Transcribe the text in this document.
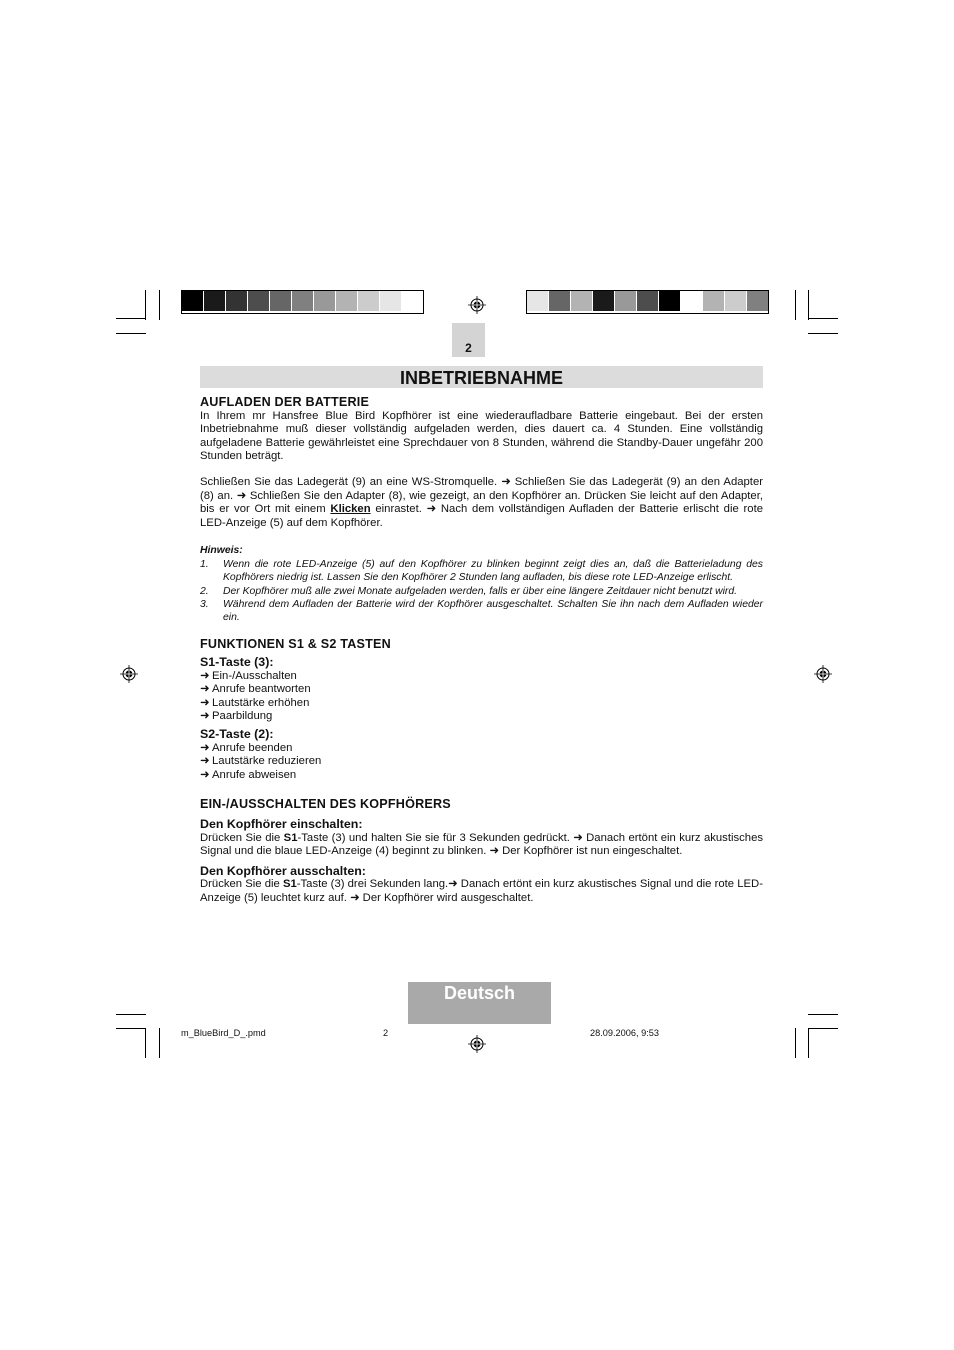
2
INBETRIEBNAHME

AUFLADEN DER BATTERIE

In Ihrem mr Hansfree Blue Bird Kopfhörer ist eine wiederaufladbare Batterie eingebaut. Bei der ersten Inbetriebnahme muß dieser vollständig aufgeladen werden, dies dauert ca. 4 Stunden. Eine vollständig aufgeladene Batterie gewährleistet eine Sprechdauer von 8 Stunden, während die Standby-Dauer ungefähr 200 Stunden beträgt.

Schließen Sie das Ladegerät (9) an eine WS-Stromquelle. ➜ Schließen Sie das Ladegerät (9) an den Adapter (8) an. ➜ Schließen Sie den Adapter (8), wie gezeigt, an den Kopfhörer an. Drücken Sie leicht auf den Adapter, bis er vor Ort mit einem Klicken einrastet. ➜ Nach dem vollständigen Aufladen der Batterie erlischt die rote LED-Anzeige (5) auf dem Kopfhörer.

Hinweis:

1.	Wenn die rote LED-Anzeige (5) auf den Kopfhörer zu blinken beginnt zeigt dies an, daß die Batterieladung des Kopfhörers niedrig ist. Lassen Sie den Kopfhörer 2 Stunden lang aufladen, bis diese rote LED-Anzeige erlischt.
2.	Der Kopfhörer muß alle zwei Monate aufgeladen werden, falls er über eine längere Zeitdauer nicht benutzt wird.
3.	Während dem Aufladen der Batterie wird der Kopfhörer ausgeschaltet. Schalten Sie ihn nach dem Aufladen wieder ein.

FUNKTIONEN S1 & S2 TASTEN

S1-Taste (3):

➜ Ein-/Ausschalten
➜ Anrufe beantworten
➜ Lautstärke erhöhen
➜ Paarbildung

S2-Taste (2):

➜ Anrufe beenden
➜ Lautstärke reduzieren
➜ Anrufe abweisen

EIN-/AUSSCHALTEN DES KOPFHÖRERS

Den Kopfhörer einschalten:

Drücken Sie die S1-Taste (3) und halten Sie sie für 3 Sekunden gedrückt. ➜ Danach ertönt ein kurz akustisches Signal und die blaue LED-Anzeige (4) beginnt zu blinken. ➜ Der Kopfhörer ist nun eingeschaltet.

Den Kopfhörer ausschalten:

Drücken Sie die S1-Taste (3) drei Sekunden lang.➜ Danach ertönt ein kurz akustisches Signal und die rote LED-Anzeige (5) leuchtet kurz auf. ➜ Der Kopfhörer wird ausgeschaltet.

Deutsch
m_BlueBird_D_.pmd	2	28.09.2006, 9:53
